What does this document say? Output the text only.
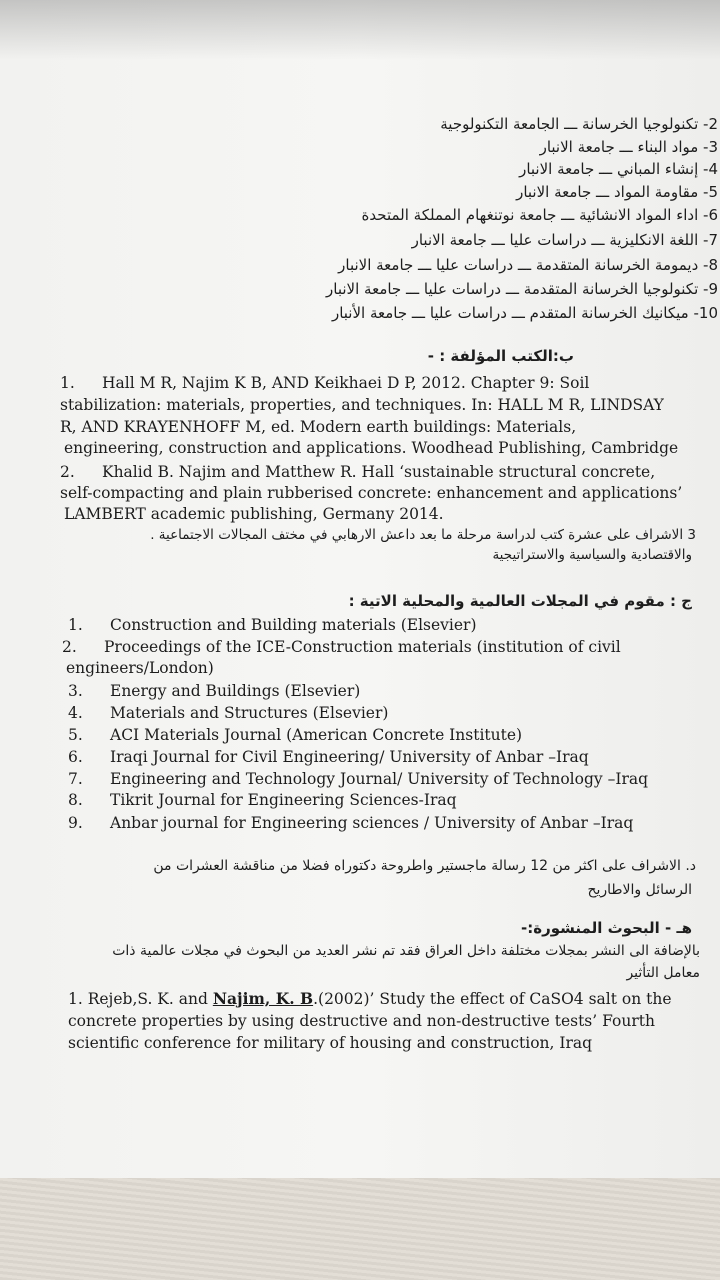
2- تكنولوجيا الخرسانة ـــ الجامعة التكنولوجية
3- مواد البناء ـــ جامعة الانبار
4- إنشاء المباني ـــ جامعة الانبار
5- مقاومة المواد ـــ جامعة الانبار
6- اداء المواد الانشائية ـــ جامعة نوتنغهام المملكة المتحدة
7- اللغة الانكليزية ـــ دراسات عليا ـــ جامعة الانبار
8- ديمومة الخرسانة المتقدمة ـــ دراسات عليا ـــ جامعة الانبار
9- تكنولوجيا الخرسانة المتقدمة ـــ دراسات عليا ـــ جامعة الانبار
10- ميكانيك الخرسانة المتقدم ـــ دراسات عليا ـــ جامعة الأنبار
ب:الكتب المؤلفة : -
1. Hall M R, Najim K B, AND Keikhaei D P, 2012. Chapter 9: Soil
stabilization: materials, properties, and techniques. In: HALL M R, LINDSAY
R, AND KRAYENHOFF M, ed. Modern earth buildings: Materials,
engineering, construction and applications. Woodhead Publishing, Cambridge
2. Khalid B. Najim and Matthew R. Hall ‘sustainable structural concrete,
self-compacting and plain rubberised concrete: enhancement and applications’
LAMBERT academic publishing, Germany 2014.
3 الاشراف على عشرة كتب لدراسة مرحلة ما بعد داعش الارهابي في مختف المجالات الاجتماعية .
والاقتصادية والسياسية والاستراتيجية
ج : مقوم في المجلات العالمية والمحلية الاتية :
1. Construction and Building materials (Elsevier)
2. Proceedings of the ICE-Construction materials (institution of civil
engineers/London)
3. Energy and Buildings (Elsevier)
4. Materials and Structures (Elsevier)
5. ACI Materials Journal (American Concrete Institute)
6. Iraqi Journal for Civil Engineering/ University of Anbar –Iraq
7. Engineering and Technology Journal/ University of Technology –Iraq
8. Tikrit Journal for Engineering Sciences-Iraq
9. Anbar journal for Engineering sciences / University of Anbar –Iraq
د. الاشراف على اكثر من 12 رسالة ماجستير واطروحة دكتوراه فضلا من مناقشة العشرات من
الرسائل والاطاريح
هـ - البحوث المنشورة:-
بالإضافة الى النشر بمجلات مختلفة داخل العراق فقد تم نشر العديد من البحوث في مجلات عالمية ذات
معامل التأثير
1. Rejeb,S. K. and Najim, K. B.(2002)’ Study the effect of CaSO4 salt on the
concrete properties by using destructive and non-destructive tests’ Fourth
scientific conference for military of housing and construction, Iraq
